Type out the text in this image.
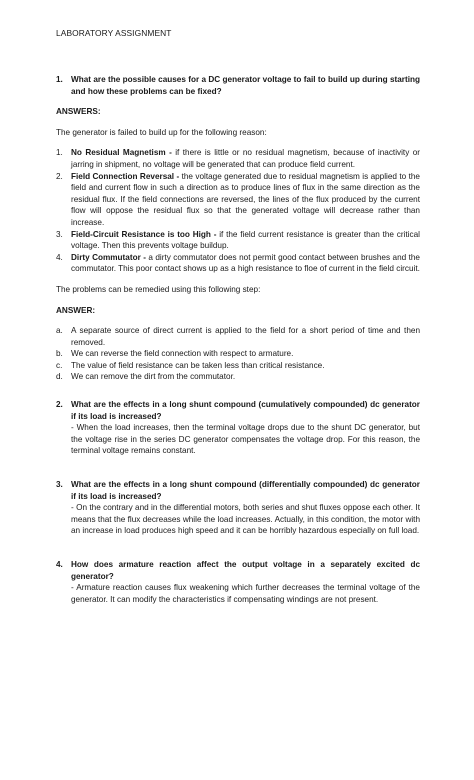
LABORATORY ASSIGNMENT
1. What are the possible causes for a DC generator voltage to fail to build up during starting and how these problems can be fixed?

ANSWERS:

The generator is failed to build up for the following reason:

1. No Residual Magnetism - if there is little or no residual magnetism, because of inactivity or jarring in shipment, no voltage will be generated that can produce field current.
2. Field Connection Reversal - the voltage generated due to residual magnetism is applied to the field and current flow in such a direction as to produce lines of flux in the same direction as the residual flux. If the field connections are reversed, the lines of the flux produced by the current flow will oppose the residual flux so that the generated voltage will decrease rather than increase.
3. Field-Circuit Resistance is too High - if the field current resistance is greater than the critical voltage. Then this prevents voltage buildup.
4. Dirty Commutator - a dirty commutator does not permit good contact between brushes and the commutator. This poor contact shows up as a high resistance to floe of current in the field circuit.

The problems can be remedied using this following step:

ANSWER:

a. A separate source of direct current is applied to the field for a short period of time and then removed.
b. We can reverse the field connection with respect to armature.
c.	The value of field resistance can be taken less than critical resistance.
d. We can remove the dirt from the commutator.
2. What are the effects in a long shunt compound (cumulatively compounded) dc generator if its load is increased?

- When the load increases, then the terminal voltage drops due to the shunt DC generator, but the voltage rise in the series DC generator compensates the voltage drop. For this reason, the terminal voltage remains constant.

3. What are the effects in a long shunt compound (differentially compounded) dc generator if its load is increased?

- On the contrary and in the differential motors, both series and shut fluxes oppose each other. It means that the flux decreases while the load increases. Actually, in this condition, the motor with an increase in load produces high speed and it can be horribly hazardous especially on full load.

4. How does armature reaction affect the output voltage in a separately excited dc generator?

- Armature reaction causes flux weakening which further decreases the terminal voltage of the generator. It can modify the characteristics if compensating windings are not present.
